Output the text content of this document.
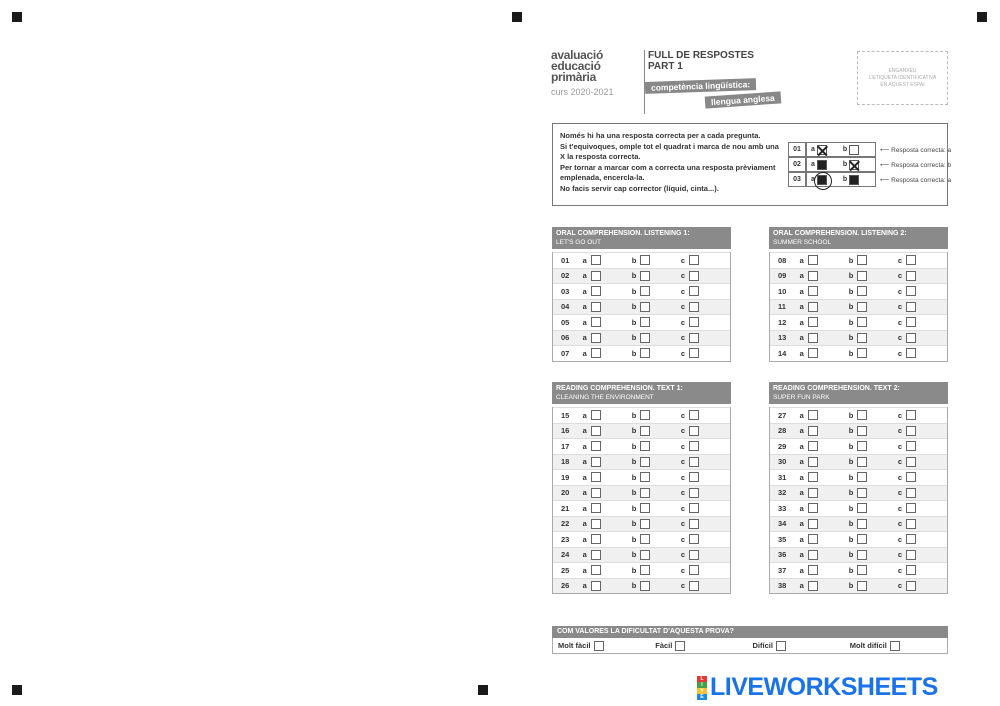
avaluació
educació
primària
curs 2020-2021
FULL DE RESPOSTES
PART 1
competència lingüística:
llengua anglesa
ENGANXEU
L'ETIQUETA IDENTIFICATIVA
EN AQUEST ESPAI

Només hi ha una resposta correcta per a cada pregunta.

Si t'equivoques, omple tot el quadrat i marca de nou amb una X la resposta correcta.

Per tornar a marcar com a correcta una resposta prèviament emplenada, encercla-la.

No facis servir cap corrector (líquid, cinta...).

01	a	b	⟵ Resposta correcta: a
02	a	b	⟵ Resposta correcta: b
03	a	b	⟵ Resposta correcta: a
ORAL COMPREHENSION. LISTENING 1:
LET'S GO OUT
01	a	b	c
02	a	b	c
03	a	b	c
04	a	b	c
05	a	b	c
06	a	b	c
07	a	b	c
ORAL COMPREHENSION. LISTENING 2:
SUMMER SCHOOL
08	a	b	c
09	a	b	c
10	a	b	c
11	a	b	c
12	a	b	c
13	a	b	c
14	a	b	c
READING COMPREHENSION. TEXT 1:
CLEANING THE ENVIRONMENT
15	a	b	c
16	a	b	c
17	a	b	c
18	a	b	c
19	a	b	c
20	a	b	c
21	a	b	c
22	a	b	c
23	a	b	c
24	a	b	c
25	a	b	c
26	a	b	c
READING COMPREHENSION. TEXT 2:
SUPER FUN PARK
27	a	b	c
28	a	b	c
29	a	b	c
30	a	b	c
31	a	b	c
32	a	b	c
33	a	b	c
34	a	b	c
35	a	b	c
36	a	b	c
37	a	b	c
38	a	b	c
COM VALORES LA DIFICULTAT D'AQUESTA PROVA?
Molt fàcil	Fàcil	Difícil	Molt difícil
L
I
V
E LIVEWORKSHEETS
